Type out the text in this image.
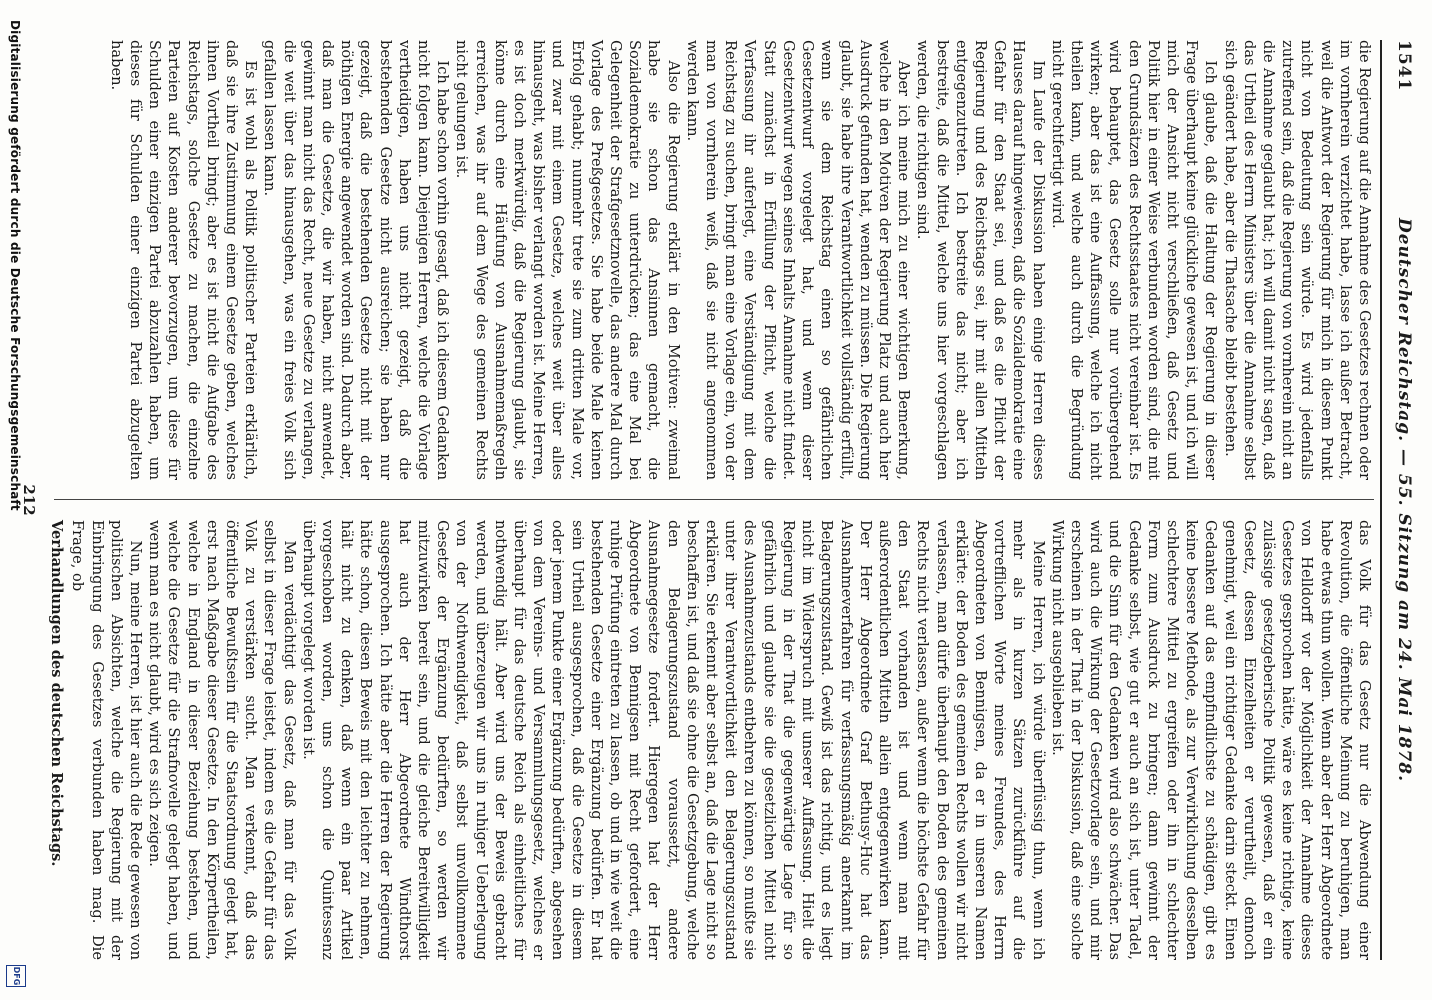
1541
Deutscher Reichstag. — 55. Sitzung am 24. Mai 1878.

die Regierung auf die Annahme des Gesetzes rechnen oder im vornherein verzichtet habe, lasse ich außer Betracht, weil die Antwort der Regierung für mich in diesem Punkt nicht von Bedeutung sein würde. Es wird jedenfalls zutreffend sein, daß die Regierung von vornherein nicht an die Annahme geglaubt hat; ich will damit nicht sagen, daß das Urtheil des Herrn Ministers über die Annahme selbst sich geändert habe, aber die Thatsache bleibt bestehen.

Ich glaube, daß die Haltung der Regierung in dieser Frage überhaupt keine glückliche gewesen ist, und ich will mich der Ansicht nicht verschließen, daß Gesetz und Politik hier in einer Weise verbunden worden sind, die mit den Grundsätzen des Rechtsstaates nicht vereinbar ist. Es wird behauptet, das Gesetz solle nur vorübergehend wirken; aber das ist eine Auffassung, welche ich nicht theilen kann, und welche auch durch die Begründung nicht gerechtfertigt wird.

Im Laufe der Diskussion haben einige Herren dieses Hauses darauf hingewiesen, daß die Sozialdemokratie eine Gefahr für den Staat sei, und daß es die Pflicht der Regierung und des Reichstags sei, ihr mit allen Mitteln entgegenzutreten. Ich bestreite das nicht; aber ich bestreite, daß die Mittel, welche uns hier vorgeschlagen werden, die richtigen sind.

Aber ich meine mich zu einer wichtigen Bemerkung, welche in den Motiven der Regierung Platz und auch hier Ausdruck gefunden hat, wenden zu müssen. Die Regierung glaubt, sie habe ihre Verantwortlichkeit vollständig erfüllt, wenn sie dem Reichstag einen so gefährlichen Gesetzentwurf vorgelegt hat, und wenn dieser Gesetzentwurf wegen seines Inhalts Annahme nicht findet. Statt zunächst in Erfüllung der Pflicht, welche die Verfassung ihr auferlegt, eine Verständigung mit dem Reichstag zu suchen, bringt man eine Vorlage ein, von der man von vornherein weiß, daß sie nicht angenommen werden kann.

Also die Regierung erklärt in den Motiven: zweimal habe sie schon das Ansinnen gemacht, die Sozialdemokratie zu unterdrücken; das eine Mal bei Gelegenheit der Strafgesetznovelle, das andere Mal durch Vorlage des Preßgesetzes. Sie habe beide Male keinen Erfolg gehabt; nunmehr trete sie zum dritten Male vor, und zwar mit einem Gesetze, welches weit über alles hinausgeht, was bisher verlangt worden ist. Meine Herren, es ist doch merkwürdig, daß die Regierung glaubt, sie könne durch eine Häufung von Ausnahmemaßregeln erreichen, was ihr auf dem Wege des gemeinen Rechts nicht gelungen ist.

Ich habe schon vorhin gesagt, daß ich diesem Gedanken nicht folgen kann. Diejenigen Herren, welche die Vorlage vertheidigen, haben uns nicht gezeigt, daß die bestehenden Gesetze nicht ausreichen; sie haben nur gezeigt, daß die bestehenden Gesetze nicht mit der nöthigen Energie angewendet worden sind. Dadurch aber, daß man die Gesetze, die wir haben, nicht anwendet, gewinnt man nicht das Recht, neue Gesetze zu verlangen, die weit über das hinausgehen, was ein freies Volk sich gefallen lassen kann.

Es ist wohl als Politik politischer Parteien erklärlich, daß sie ihre Zustimmung einem Gesetze geben, welches ihnen Vortheil bringt; aber es ist nicht die Aufgabe des Reichstags, solche Gesetze zu machen, die einzelne Parteien auf Kosten anderer bevorzugen, um diese für Schulden einer einzigen Partei abzuzahlen haben, um dieses für Schulden einer einzigen Partei abzugelten haben.

das Volk für das Gesetz nur die Abwendung einer Revolution, die öffentliche Meinung zu beruhigen, man habe etwas thun wollen. Wenn aber der Herr Abgeordnete von Helldorff vor der Möglichkeit der Annahme dieses Gesetzes gesprochen hätte, wäre es keine richtige, keine zulässige gesetzgeberische Politik gewesen, daß er ein Gesetz, dessen Einzelheiten er verurtheilt, dennoch genehmigt, weil ein richtiger Gedanke darin steckt. Einen Gedanken auf das empfindlichste zu schädigen, gibt es keine bessere Methode, als zur Verwirklichung desselben schlechtere Mittel zu ergreifen oder ihn in schlechter Form zum Ausdruck zu bringen; dann gewinnt der Gedanke selbst, wie gut er auch an sich ist, unter Tadel, und die Sinn für den Gedanken wird also schwächer. Das wird auch die Wirkung der Gesetzvorlage sein, und mir erscheinen in der That in der Diskussion, daß eine solche Wirkung nicht ausgeblieben ist.

Meine Herren, ich würde überflüssig thun, wenn ich mehr als in kurzen Sätzen zurückführe auf die vortrefflichen Worte meines Freundes, des Herrn Abgeordneten von Bennigsen, da er in unseren Namen erklärte: der Boden des gemeinen Rechts wollen wir nicht verlassen, man dürfe überhaupt den Boden des gemeinen Rechts nicht verlassen, außer wenn die höchste Gefahr für den Staat vorhanden ist und wenn man mit außerordentlichen Mitteln allein entgegenwirken kann. Der Herr Abgeordnete Graf Bethusy-Huc hat das Ausnahmeverfahren für verfassungsmäßig anerkannt im Belagerungszustand. Gewiß ist das richtig, und es liegt nicht im Widerspruch mit unserer Auffassung. Hielt die Regierung in der That die gegenwärtige Lage für so gefährlich und glaubte sie die gesetzlichen Mittel nicht des Ausnahmezustands entbehren zu können, so mußte sie unter ihrer Verantwortlichkeit den Belagerungszustand erklären. Sie erkennt aber selbst an, daß die Lage nicht so beschaffen ist, und daß sie ohne die Gesetzgebung, welche den Belagerungszustand voraussetzt, andere Ausnahmegesetze fordert. Hiergegen hat der Herr Abgeordnete von Bennigsen mit Recht gefordert, eine ruhige Prüfung eintreten zu lassen, ob und in wie weit die bestehenden Gesetze einer Ergänzung bedürfen. Er hat sein Urtheil ausgesprochen, daß die Gesetze in diesem oder jenem Punkte einer Ergänzung bedürften, abgesehen von dem Vereins- und Versammlungsgesetz, welches er überhaupt für das deutsche Reich als einheitliches für nothwendig hält. Aber wird uns der Beweis gebracht werden, und überzeugen wir uns in ruhiger Ueberlegung von der Nothwendigkeit, daß selbst unvollkommene Gesetze der Ergänzung bedürften, so werden wir mitzuwirken bereit sein, und die gleiche Bereitwilligkeit hat auch der Herr Abgeordnete Windthorst ausgesprochen. Ich hätte aber die Herren der Regierung hätte schon, diesen Beweis mit den leichter zu nehmen, hält nicht zu denken, daß wenn ein paar Artikel vorgeschoben worden, uns schon die Quintessenz überhaupt vorgelegt worden ist.

Man verdächtigt das Gesetz, daß man für das Volk selbst in dieser Frage leistet, indem es die Gefahr für das Volk zu verstärken sucht. Man verkennt, daß das öffentliche Bewußtsein für die Staatsordnung gelegt hat, erst nach Maßgabe dieser Gesetze. In den Körpertheilen, welche in England in dieser Beziehung bestehen, und welche die Gesetze für die Strafnovelle gelegt haben, und wenn man es nicht glaubt, wird es sich zeigen.

Nun, meine Herren, ist hier auch die Rede gewesen von politischen Absichten, welche die Regierung mit der Einbringung des Gesetzes verbunden haben mag. Die Frage, ob

Verhandlungen des deutschen Reichstags.

212
Digitalisierung gefördert durch die Deutsche Forschungsgemeinschaft
DFG
